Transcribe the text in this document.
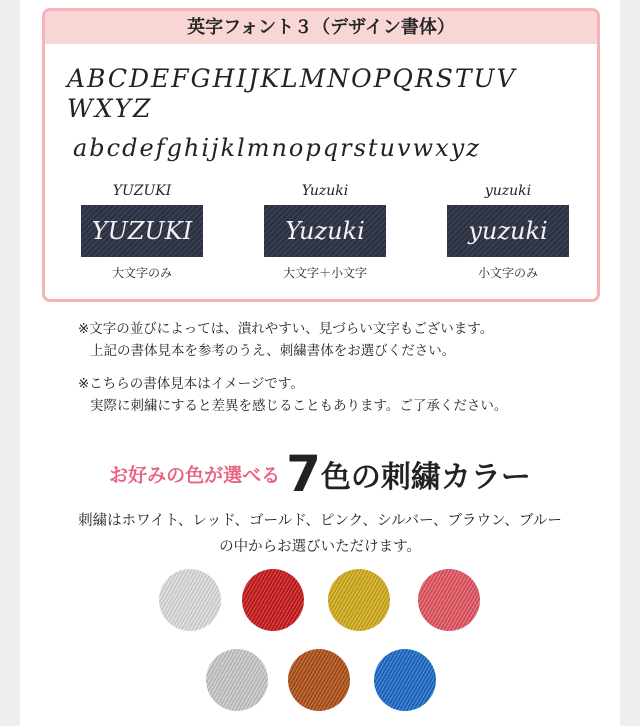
英字フォント３（デザイン書体）
ABCDEFGHIJKLMNOPQRSTUV
WXYZ
abcdefghijklmnopqrstuvwxyz
YUZUKI
YUZUKI
大文字のみ
Yuzuki
Yuzuki
大文字＋小文字
yuzuki
yuzuki
小文字のみ

※文字の並びによっては、潰れやすい、見づらい文字もございます。
上記の書体見本を参考のうえ、刺繍書体をお選びください。

※こちらの書体見本はイメージです。
実際に刺繍にすると差異を感じることもあります。ご了承ください。

お好みの色が選べる 7色の刺繍カラー
刺繍はホワイト、レッド、ゴールド、ピンク、シルバー、ブラウン、ブルー
の中からお選びいただけます。
